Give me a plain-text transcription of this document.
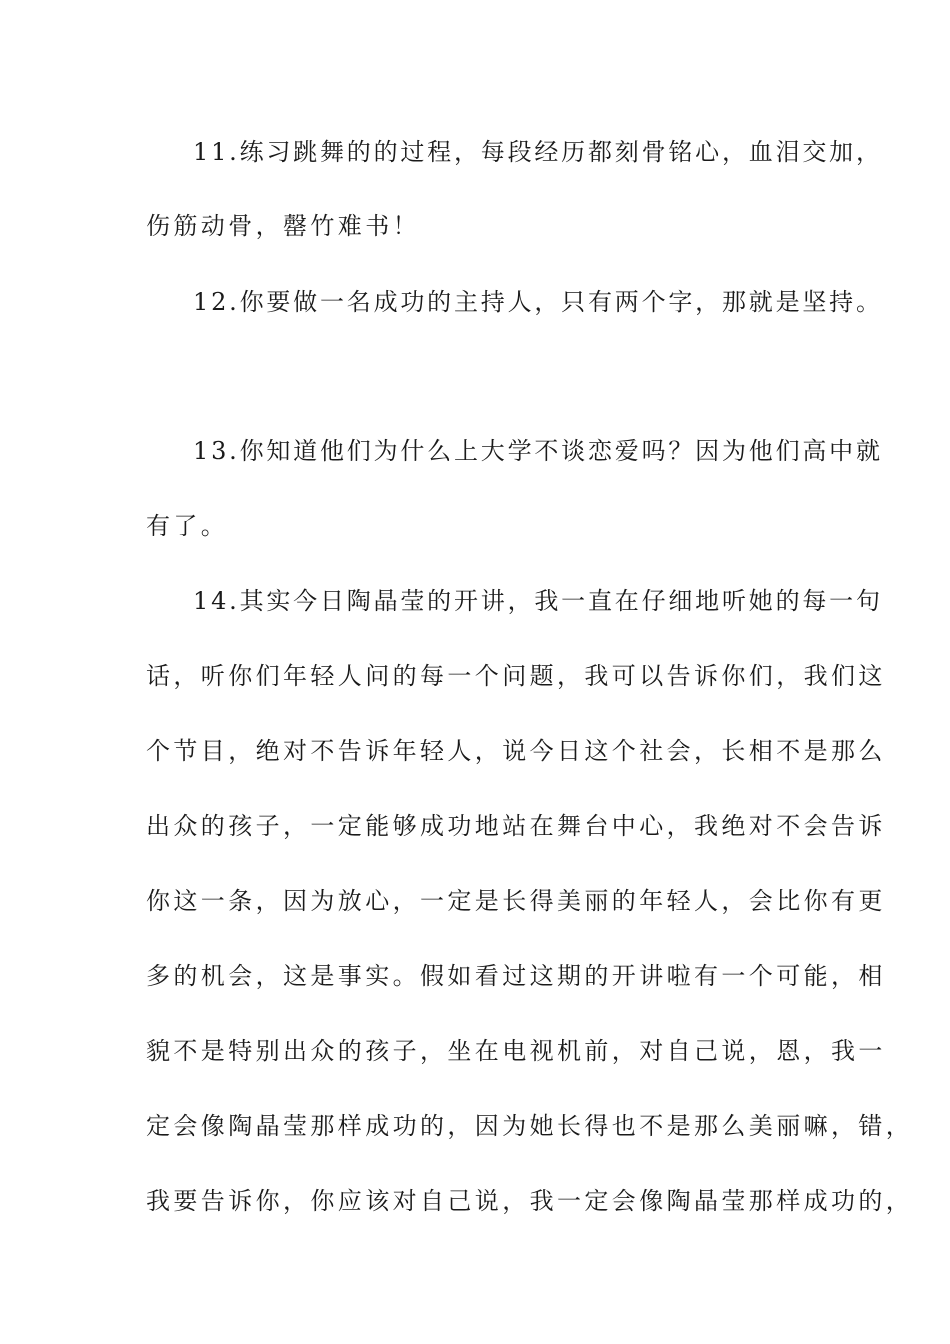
11.练习跳舞的的过程，每段经历都刻骨铭心，血泪交加，
伤筋动骨，罄竹难书！
12.你要做一名成功的主持人，只有两个字，那就是坚持。
13.你知道他们为什么上大学不谈恋爱吗？因为他们高中就
有了。
14.其实今日陶晶莹的开讲，我一直在仔细地听她的每一句
话，听你们年轻人问的每一个问题，我可以告诉你们，我们这
个节目，绝对不告诉年轻人，说今日这个社会，长相不是那么
出众的孩子，一定能够成功地站在舞台中心，我绝对不会告诉
你这一条，因为放心，一定是长得美丽的年轻人，会比你有更
多的机会，这是事实。假如看过这期的开讲啦有一个可能，相
貌不是特别出众的孩子，坐在电视机前，对自己说，恩，我一
定会像陶晶莹那样成功的，因为她长得也不是那么美丽嘛，错，
我要告诉你，你应该对自己说，我一定会像陶晶莹那样成功的，
